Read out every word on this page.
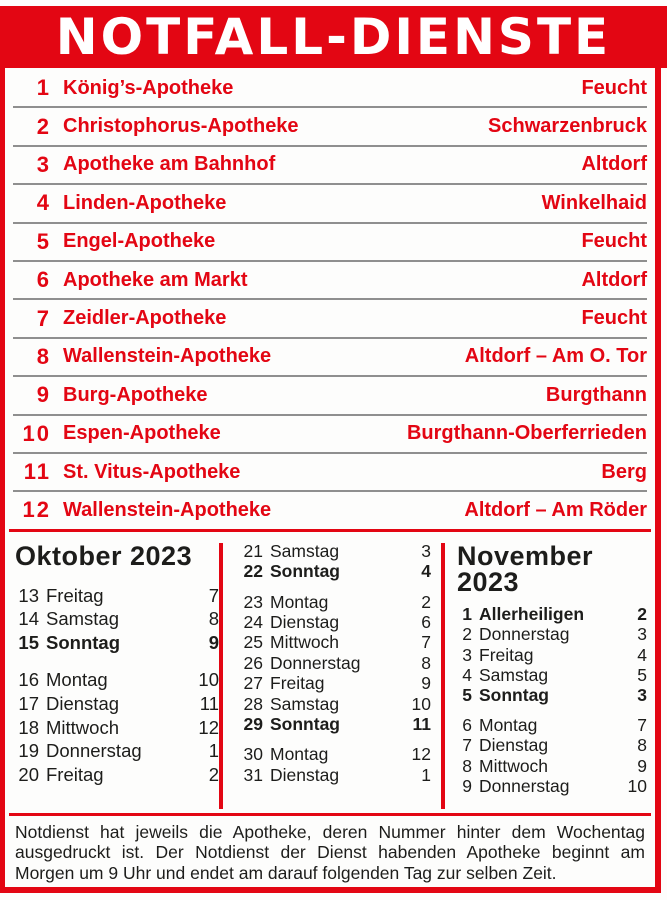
NOTFALL-DIENSTE
1 König’s-Apotheke	Feucht
2 Christophorus-Apotheke	Schwarzenbruck
3 Apotheke am Bahnhof	Altdorf
4 Linden-Apotheke	Winkelhaid
5 Engel-Apotheke	Feucht
6 Apotheke am Markt	Altdorf
7 Zeidler-Apotheke	Feucht
8 Wallenstein-Apotheke	Altdorf – Am O. Tor
9 Burg-Apotheke	Burgthann
10 Espen-Apotheke	Burgthann-Oberferrieden
11 St. Vitus-Apotheke	Berg
12 Wallenstein-Apotheke	Altdorf – Am Röder
Oktober 2023
13 Freitag	7
14 Samstag	8
15 Sonntag	9
16 Montag	10
17 Dienstag	11
18 Mittwoch	12
19 Donnerstag	1
20 Freitag	2
21 Samstag	3
22 Sonntag	4
23 Montag	2
24 Dienstag	6
25 Mittwoch	7
26 Donnerstag	8
27 Freitag	9
28 Samstag	10
29 Sonntag	11
30 Montag	12
31 Dienstag	1
November 2023
1 Allerheiligen	2
2 Donnerstag	3
3 Freitag	4
4 Samstag	5
5 Sonntag	3
6 Montag	7
7 Dienstag	8
8 Mittwoch	9
9 Donnerstag	10
Notdienst hat jeweils die Apotheke, deren Nummer hinter dem Wochentag ausgedruckt ist. Der Notdienst der Dienst habenden Apotheke beginnt am Morgen um 9 Uhr und endet am darauf folgenden Tag zur selben Zeit.
